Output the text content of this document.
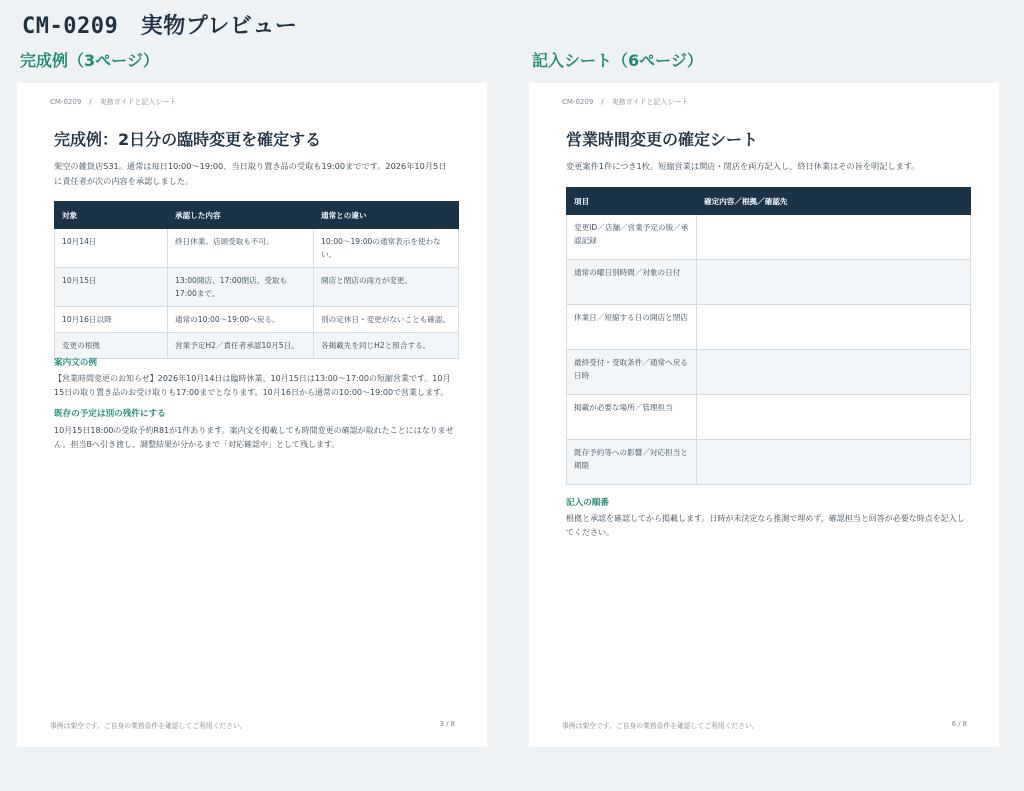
CM-0209　実物プレビュー
完成例（3ページ）	記入シート（6ページ）
CM-0209 / 実務ガイドと記入シート
完成例：2日分の臨時変更を確定する
架空の雑貨店S31。通常は毎日10:00〜19:00、当日取り置き品の受取も19:00までです。2026年10月5日に責任者が次の内容を承認しました。
対象	承認した内容	通常との違い
10月14日	終日休業。店頭受取も不可。	10:00〜19:00の通常表示を使わない。
10月15日	13:00開店、17:00閉店。受取も17:00まで。	開店と閉店の両方が変更。
10月16日以降	通常の10:00〜19:00へ戻る。	別の定休日・変更がないことも確認。
変更の根拠	営業予定H2／責任者承認10月5日。	各掲載先を同じH2と照合する。
案内文の例
【営業時間変更のお知らせ】2026年10月14日は臨時休業、10月15日は13:00〜17:00の短縮営業です。10月15日の取り置き品のお受け取りも17:00までとなります。10月16日から通常の10:00〜19:00で営業します。
既存の予定は別の残件にする
10月15日18:00の受取予約R81が1件あります。案内文を掲載しても時間変更の確認が取れたことにはなりません。担当Bへ引き渡し、調整結果が分かるまで「対応確認中」として残します。
事例は架空です。ご自身の業務条件を確認してご利用ください。	3 / 8
CM-0209 / 実務ガイドと記入シート
営業時間変更の確定シート
変更案件1件につき1枚。短縮営業は開店・閉店を両方記入し、終日休業はその旨を明記します。
項目	確定内容／根拠／確認先
変更ID／店舗／営業予定の版／承認記録	
通常の曜日別時間／対象の日付	
休業日／短縮する日の開店と閉店	
最終受付・受取条件／通常へ戻る日時	
掲載が必要な場所／管理担当	
既存予約等への影響／対応担当と期限	
記入の順番
根拠と承認を確認してから掲載します。日時が未決定なら推測で埋めず、確認担当と回答が必要な時点を記入してください。
事例は架空です。ご自身の業務条件を確認してご利用ください。	6 / 8
